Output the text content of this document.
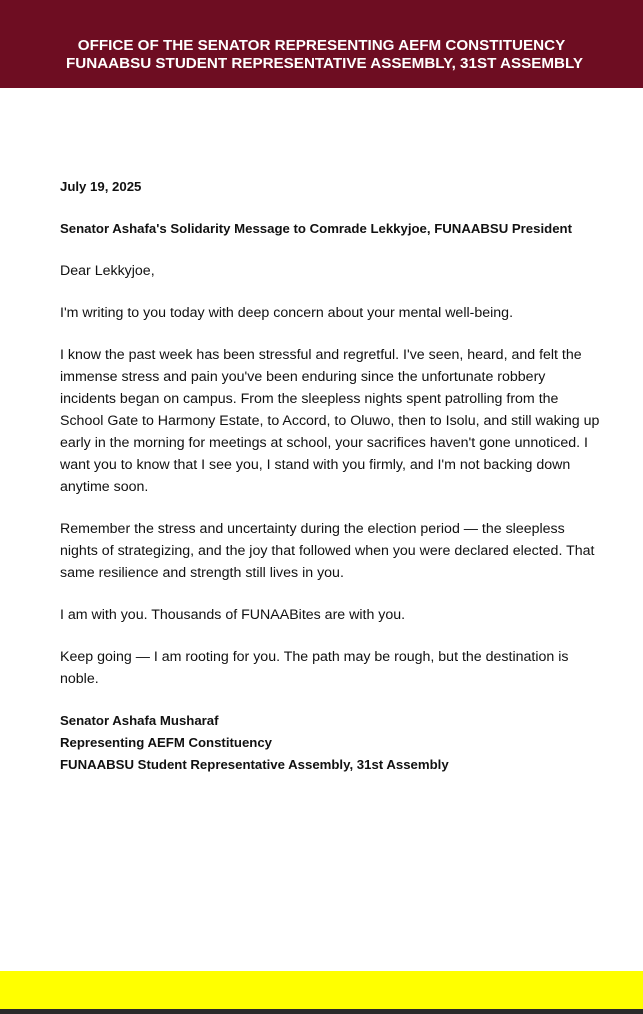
OFFICE OF THE SENATOR REPRESENTING AEFM CONSTITUENCY
FUNAABSU STUDENT REPRESENTATIVE ASSEMBLY, 31ST ASSEMBLY

July 19, 2025

Senator Ashafa's Solidarity Message to Comrade Lekkyjoe, FUNAABSU President

Dear Lekkyjoe,

I'm writing to you today with deep concern about your mental well-being.

I know the past week has been stressful and regretful. I've seen, heard, and felt the immense stress and pain you've been enduring since the unfortunate robbery incidents began on campus. From the sleepless nights spent patrolling from the School Gate to Harmony Estate, to Accord, to Oluwo, then to Isolu, and still waking up early in the morning for meetings at school, your sacrifices haven't gone unnoticed. I want you to know that I see you, I stand with you firmly, and I'm not backing down anytime soon.

Remember the stress and uncertainty during the election period — the sleepless nights of strategizing, and the joy that followed when you were declared elected. That same resilience and strength still lives in you.

I am with you. Thousands of FUNAABites are with you.

Keep going — I am rooting for you. The path may be rough, but the destination is noble.

Senator Ashafa Musharaf

Representing AEFM Constituency

FUNAABSU Student Representative Assembly, 31st Assembly
